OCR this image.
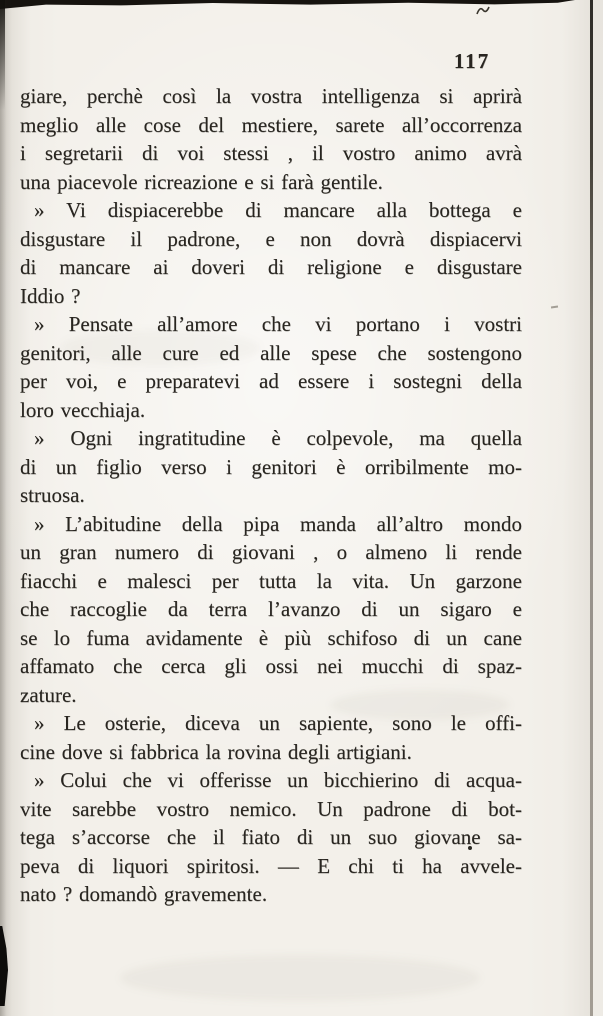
117
giare, perchè così la vostra intelligenza si aprirà
meglio alle cose del mestiere, sarete all’occorrenza
i segretarii di voi stessi , il vostro animo avrà
una piacevole ricreazione e si farà gentile.
» Vi dispiacerebbe di mancare alla bottega e
disgustare il padrone, e non dovrà dispiacervi
di mancare ai doveri di religione e disgustare
Iddio ?
» Pensate all’amore che vi portano i vostri
genitori, alle cure ed alle spese che sostengono
per voi, e preparatevi ad essere i sostegni della
loro vecchiaja.
» Ogni ingratitudine è colpevole, ma quella
di un figlio verso i genitori è orribilmente mo-
struosa.
» L’abitudine della pipa manda all’altro mondo
un gran numero di giovani , o almeno li rende
fiacchi e malesci per tutta la vita. Un garzone
che raccoglie da terra l’avanzo di un sigaro e
se lo fuma avidamente è più schifoso di un cane
affamato che cerca gli ossi nei mucchi di spaz-
zature.
» Le osterie, diceva un sapiente, sono le offi-
cine dove si fabbrica la rovina degli artigiani.
» Colui che vi offerisse un bicchierino di acqua-
vite sarebbe vostro nemico. Un padrone di bot-
tega s’accorse che il fiato di un suo giovane sa-
peva di liquori spiritosi. — E chi ti ha avvele-
nato ? domandò gravemente.
